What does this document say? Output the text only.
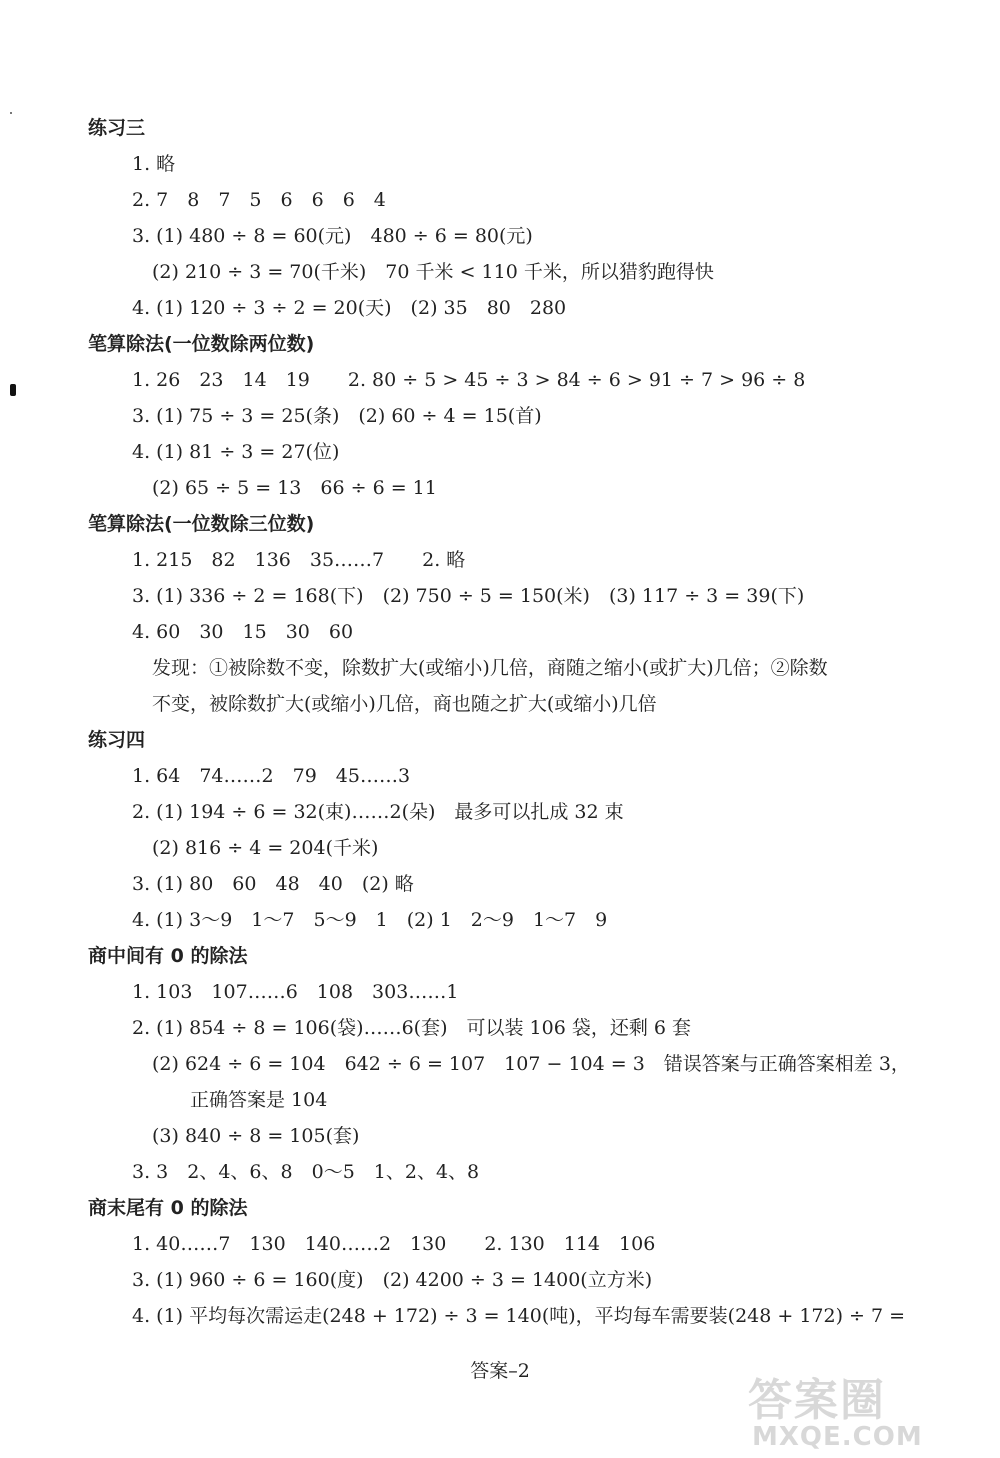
练习三
1. 略
2. 7　8　7　5　6　6　6　4
3. (1) 480 ÷ 8 = 60(元)　480 ÷ 6 = 80(元)
(2) 210 ÷ 3 = 70(千米)　70 千米 < 110 千米，所以猎豹跑得快
4. (1) 120 ÷ 3 ÷ 2 = 20(天)　(2) 35　80　280
笔算除法(一位数除两位数)
1. 26　23　14　19　　2. 80 ÷ 5 > 45 ÷ 3 > 84 ÷ 6 > 91 ÷ 7 > 96 ÷ 8
3. (1) 75 ÷ 3 = 25(条)　(2) 60 ÷ 4 = 15(首)
4. (1) 81 ÷ 3 = 27(位)
(2) 65 ÷ 5 = 13　66 ÷ 6 = 11
笔算除法(一位数除三位数)
1. 215　82　136　35……7　　2. 略
3. (1) 336 ÷ 2 = 168(下)　(2) 750 ÷ 5 = 150(米)　(3) 117 ÷ 3 = 39(下)
4. 60　30　15　30　60
发现：①被除数不变，除数扩大(或缩小)几倍，商随之缩小(或扩大)几倍；②除数
不变，被除数扩大(或缩小)几倍，商也随之扩大(或缩小)几倍
练习四
1. 64　74……2　79　45……3
2. (1) 194 ÷ 6 = 32(束)……2(朵)　最多可以扎成 32 束
(2) 816 ÷ 4 = 204(千米)
3. (1) 80　60　48　40　(2) 略
4. (1) 3～9　1～7　5～9　1　(2) 1　2～9　1～7　9
商中间有 0 的除法
1. 103　107……6　108　303……1
2. (1) 854 ÷ 8 = 106(袋)……6(套)　可以装 106 袋，还剩 6 套
(2) 624 ÷ 6 = 104　642 ÷ 6 = 107　107 − 104 = 3　错误答案与正确答案相差 3，
正确答案是 104
(3) 840 ÷ 8 = 105(套)
3. 3　2、4、6、8　0～5　1、2、4、8
商末尾有 0 的除法
1. 40……7　130　140……2　130　　2. 130　114　106
3. (1) 960 ÷ 6 = 160(度)　(2) 4200 ÷ 3 = 1400(立方米)
4. (1) 平均每次需运走(248 + 172) ÷ 3 = 140(吨)，平均每车需要装(248 + 172) ÷ 7 =
答案–2
答案圈
MXQE.COM
